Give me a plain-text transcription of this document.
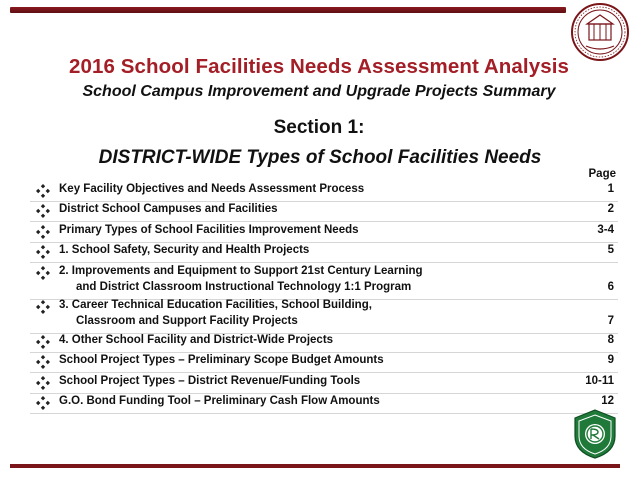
2016 School Facilities Needs Assessment Analysis
School Campus Improvement and Upgrade Projects Summary
Section 1:
DISTRICT-WIDE Types of School Facilities Needs
Page
Key Facility Objectives and Needs Assessment Process	1
District School Campuses and Facilities	2
Primary Types of School Facilities Improvement Needs	3-4
1. School Safety, Security and Health Projects	5
2. Improvements and Equipment to Support 21st Century Learning
and District Classroom Instructional Technology 1:1 Program	6
3. Career Technical Education Facilities, School Building,
Classroom and Support Facility Projects	7
4. Other School Facility and District-Wide Projects	8
School Project Types – Preliminary Scope Budget Amounts	9
School Project Types – District Revenue/Funding Tools	10-11
G.O. Bond Funding Tool – Preliminary Cash Flow Amounts	12
